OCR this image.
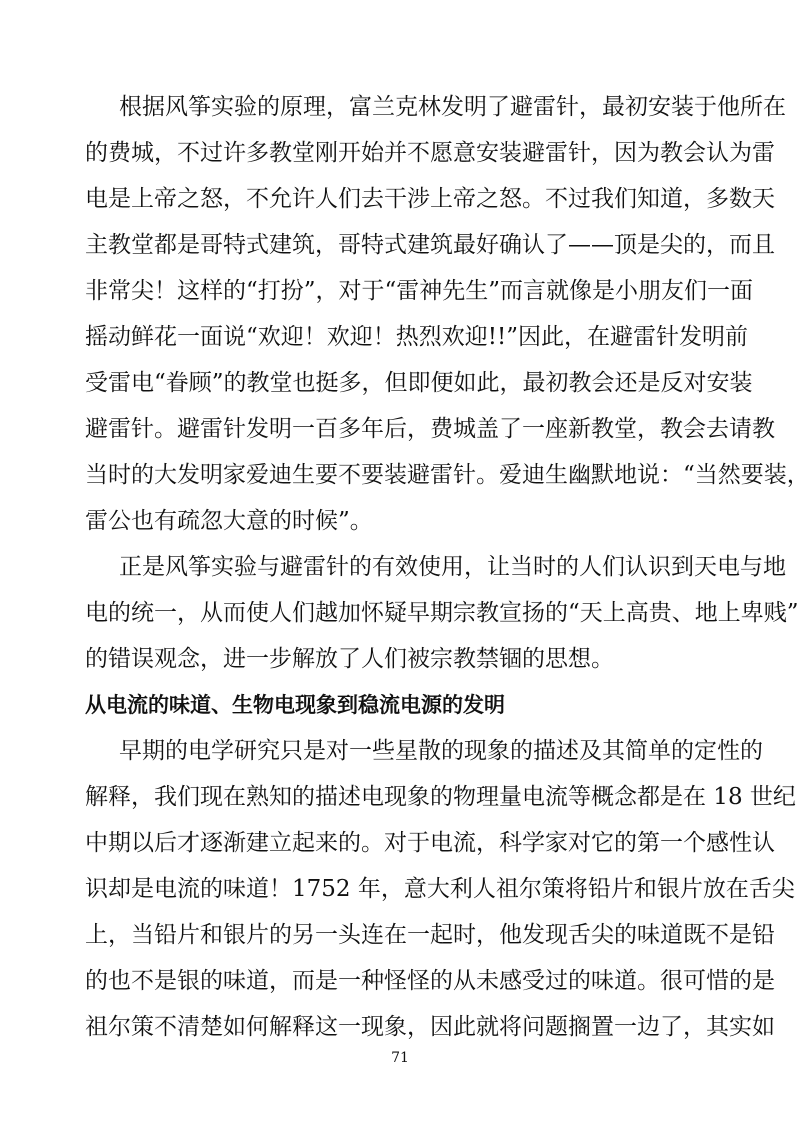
根据风筝实验的原理，富兰克林发明了避雷针，最初安装于他所在
的费城，不过许多教堂刚开始并不愿意安装避雷针，因为教会认为雷
电是上帝之怒，不允许人们去干涉上帝之怒。不过我们知道，多数天
主教堂都是哥特式建筑，哥特式建筑最好确认了——顶是尖的，而且
非常尖！这样的“打扮”，对于“雷神先生”而言就像是小朋友们一面
摇动鲜花一面说“欢迎！欢迎！热烈欢迎!!”因此，在避雷针发明前
受雷电“眷顾”的教堂也挺多，但即便如此，最初教会还是反对安装
避雷针。避雷针发明一百多年后，费城盖了一座新教堂，教会去请教
当时的大发明家爱迪生要不要装避雷针。爱迪生幽默地说：“当然要装，
雷公也有疏忽大意的时候”。
正是风筝实验与避雷针的有效使用，让当时的人们认识到天电与地
电的统一，从而使人们越加怀疑早期宗教宣扬的“天上高贵、地上卑贱”
的错误观念，进一步解放了人们被宗教禁锢的思想。
从电流的味道、生物电现象到稳流电源的发明
早期的电学研究只是对一些星散的现象的描述及其简单的定性的
解释，我们现在熟知的描述电现象的物理量电流等概念都是在 18 世纪
中期以后才逐渐建立起来的。对于电流，科学家对它的第一个感性认
识却是电流的味道！1752 年，意大利人祖尔策将铅片和银片放在舌尖
上，当铅片和银片的另一头连在一起时，他发现舌尖的味道既不是铅
的也不是银的味道，而是一种怪怪的从未感受过的味道。很可惜的是
祖尔策不清楚如何解释这一现象，因此就将问题搁置一边了，其实如
71
